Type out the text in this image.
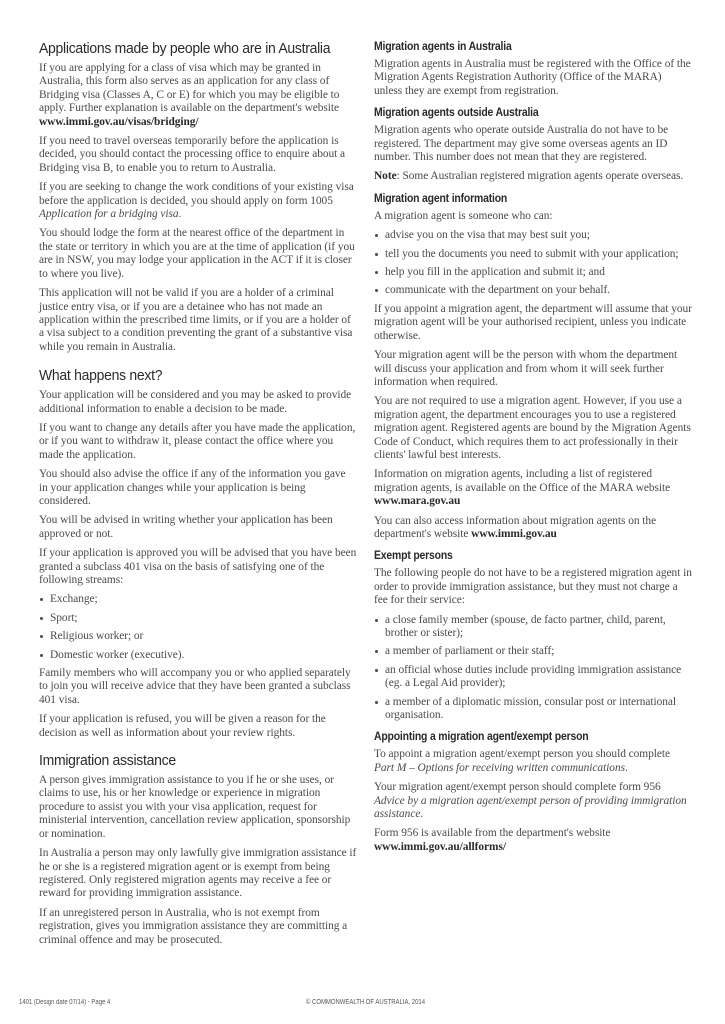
Applications made by people who are in Australia

If you are applying for a class of visa which may be granted in Australia, this form also serves as an application for any class of Bridging visa (Classes A, C or E) for which you may be eligible to apply. Further explanation is available on the department's website www.immi.gov.au/visas/bridging/

If you need to travel overseas temporarily before the application is decided, you should contact the processing office to enquire about a Bridging visa B, to enable you to return to Australia.

If you are seeking to change the work conditions of your existing visa before the application is decided, you should apply on form 1005 Application for a bridging visa.

You should lodge the form at the nearest office of the department in the state or territory in which you are at the time of application (if you are in NSW, you may lodge your application in the ACT if it is closer to where you live).

This application will not be valid if you are a holder of a criminal justice entry visa, or if you are a detainee who has not made an application within the prescribed time limits, or if you are a holder of a visa subject to a condition preventing the grant of a substantive visa while you remain in Australia.

What happens next?

Your application will be considered and you may be asked to provide additional information to enable a decision to be made.

If you want to change any details after you have made the application, or if you want to withdraw it, please contact the office where you made the application.

You should also advise the office if any of the information you gave in your application changes while your application is being considered.

You will be advised in writing whether your application has been approved or not.

If your application is approved you will be advised that you have been granted a subclass 401 visa on the basis of satisfying one of the following streams:

Exchange;
Sport;
Religious worker; or
Domestic worker (executive).

Family members who will accompany you or who applied separately to join you will receive advice that they have been granted a subclass 401 visa.

If your application is refused, you will be given a reason for the decision as well as information about your review rights.

Immigration assistance

A person gives immigration assistance to you if he or she uses, or claims to use, his or her knowledge or experience in migration procedure to assist you with your visa application, request for ministerial intervention, cancellation review application, sponsorship or nomination.

In Australia a person may only lawfully give immigration assistance if he or she is a registered migration agent or is exempt from being registered. Only registered migration agents may receive a fee or reward for providing immigration assistance.

If an unregistered person in Australia, who is not exempt from registration, gives you immigration assistance they are committing a criminal offence and may be prosecuted.

Migration agents in Australia

Migration agents in Australia must be registered with the Office of the Migration Agents Registration Authority (Office of the MARA) unless they are exempt from registration.

Migration agents outside Australia

Migration agents who operate outside Australia do not have to be registered. The department may give some overseas agents an ID number. This number does not mean that they are registered.

Note: Some Australian registered migration agents operate overseas.

Migration agent information

A migration agent is someone who can:

advise you on the visa that may best suit you;
tell you the documents you need to submit with your application;
help you fill in the application and submit it; and
communicate with the department on your behalf.

If you appoint a migration agent, the department will assume that your migration agent will be your authorised recipient, unless you indicate otherwise.

Your migration agent will be the person with whom the department will discuss your application and from whom it will seek further information when required.

You are not required to use a migration agent. However, if you use a migration agent, the department encourages you to use a registered migration agent. Registered agents are bound by the Migration Agents Code of Conduct, which requires them to act professionally in their clients' lawful best interests.

Information on migration agents, including a list of registered migration agents, is available on the Office of the MARA website www.mara.gov.au

You can also access information about migration agents on the department's website www.immi.gov.au

Exempt persons

The following people do not have to be a registered migration agent in order to provide immigration assistance, but they must not charge a fee for their service:

a close family member (spouse, de facto partner, child, parent, brother or sister);
a member of parliament or their staff;
an official whose duties include providing immigration assistance (eg. a Legal Aid provider);
a member of a diplomatic mission, consular post or international organisation.
Appointing a migration agent/exempt person

To appoint a migration agent/exempt person you should complete Part M – Options for receiving written communications.

Your migration agent/exempt person should complete form 956 Advice by a migration agent/exempt person of providing immigration assistance.

Form 956 is available from the department's website www.immi.gov.au/allforms/

1401 (Design date 07/14) - Page 4	© COMMONWEALTH OF AUSTRALIA, 2014
